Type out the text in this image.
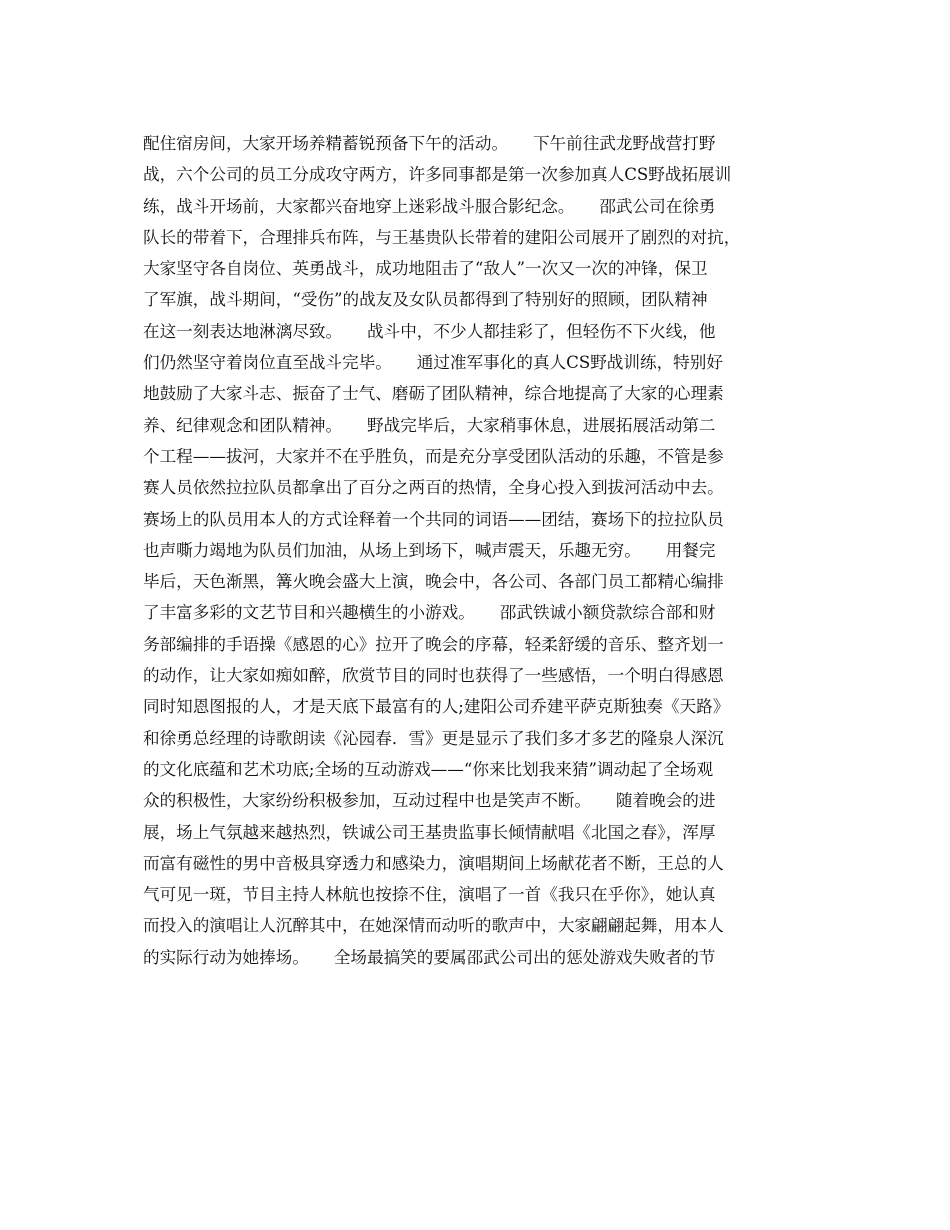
配住宿房间，大家开场养精蓄锐预备下午的活动。　　下午前往武龙野战营打野
战，六个公司的员工分成攻守两方，许多同事都是第一次参加真人CS野战拓展训
练，战斗开场前，大家都兴奋地穿上迷彩战斗服合影纪念。　　邵武公司在徐勇
队长的带着下，合理排兵布阵，与王基贵队长带着的建阳公司展开了剧烈的对抗，
大家坚守各自岗位、英勇战斗，成功地阻击了“敌人”一次又一次的冲锋，保卫
了军旗，战斗期间，“受伤”的战友及女队员都得到了特别好的照顾，团队精神
在这一刻表达地淋漓尽致。　　战斗中，不少人都挂彩了，但轻伤不下火线，他
们仍然坚守着岗位直至战斗完毕。　　通过准军事化的真人CS野战训练，特别好
地鼓励了大家斗志、振奋了士气、磨砺了团队精神，综合地提高了大家的心理素
养、纪律观念和团队精神。　　野战完毕后，大家稍事休息，进展拓展活动第二
个工程——拔河，大家并不在乎胜负，而是充分享受团队活动的乐趣，不管是参
赛人员依然拉拉队员都拿出了百分之两百的热情，全身心投入到拔河活动中去。
赛场上的队员用本人的方式诠释着一个共同的词语——团结，赛场下的拉拉队员
也声嘶力竭地为队员们加油，从场上到场下，喊声震天，乐趣无穷。　　用餐完
毕后，天色渐黑，篝火晚会盛大上演，晚会中，各公司、各部门员工都精心编排
了丰富多彩的文艺节目和兴趣横生的小游戏。　　邵武铁诚小额贷款综合部和财
务部编排的手语操《感恩的心》拉开了晚会的序幕，轻柔舒缓的音乐、整齐划一
的动作，让大家如痴如醉，欣赏节目的同时也获得了一些感悟，一个明白得感恩
同时知恩图报的人，才是天底下最富有的人;建阳公司乔建平萨克斯独奏《天路》
和徐勇总经理的诗歌朗读《沁园春．雪》更是显示了我们多才多艺的隆泉人深沉
的文化底蕴和艺术功底;全场的互动游戏——“你来比划我来猜”调动起了全场观
众的积极性，大家纷纷积极参加，互动过程中也是笑声不断。　　随着晚会的进
展，场上气氛越来越热烈，铁诚公司王基贵监事长倾情献唱《北国之春》，浑厚
而富有磁性的男中音极具穿透力和感染力，演唱期间上场献花者不断，王总的人
气可见一斑，节目主持人林航也按捺不住，演唱了一首《我只在乎你》，她认真
而投入的演唱让人沉醉其中，在她深情而动听的歌声中，大家翩翩起舞，用本人
的实际行动为她捧场。　　全场最搞笑的要属邵武公司出的惩处游戏失败者的节
